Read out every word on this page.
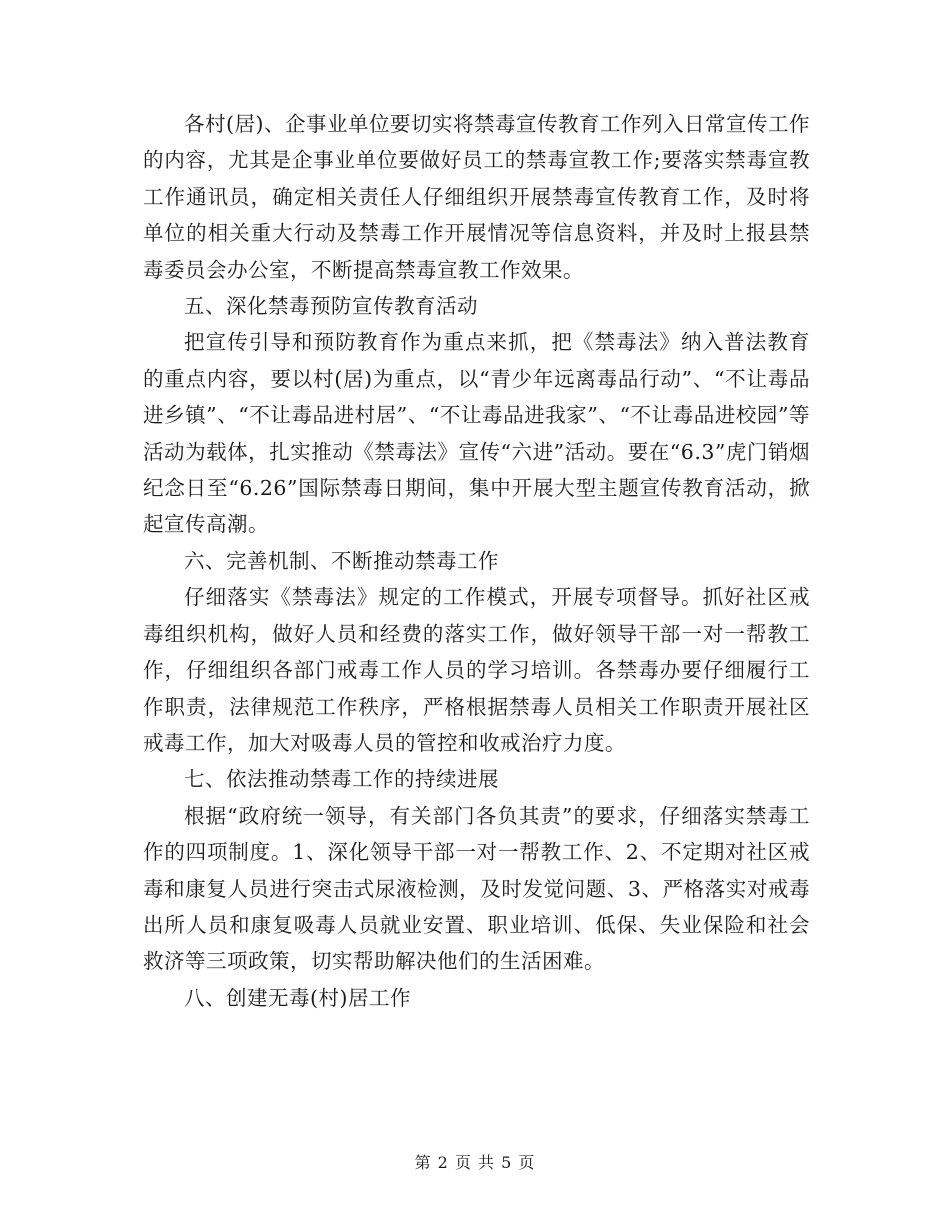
各村(居)、企事业单位要切实将禁毒宣传教育工作列入日常宣传工作的内容，尤其是企事业单位要做好员工的禁毒宣教工作;要落实禁毒宣教工作通讯员，确定相关责任人仔细组织开展禁毒宣传教育工作，及时将单位的相关重大行动及禁毒工作开展情况等信息资料，并及时上报县禁毒委员会办公室，不断提高禁毒宣教工作效果。

五、深化禁毒预防宣传教育活动

把宣传引导和预防教育作为重点来抓，把《禁毒法》纳入普法教育的重点内容，要以村(居)为重点，以“青少年远离毒品行动”、“不让毒品进乡镇”、“不让毒品进村居”、“不让毒品进我家”、“不让毒品进校园”等活动为载体，扎实推动《禁毒法》宣传“六进”活动。要在“6.3”虎门销烟纪念日至“6.26”国际禁毒日期间，集中开展大型主题宣传教育活动，掀起宣传高潮。

六、完善机制、不断推动禁毒工作

仔细落实《禁毒法》规定的工作模式，开展专项督导。抓好社区戒毒组织机构，做好人员和经费的落实工作，做好领导干部一对一帮教工作，仔细组织各部门戒毒工作人员的学习培训。各禁毒办要仔细履行工作职责，法律规范工作秩序，严格根据禁毒人员相关工作职责开展社区戒毒工作，加大对吸毒人员的管控和收戒治疗力度。

七、依法推动禁毒工作的持续进展

根据“政府统一领导，有关部门各负其责”的要求，仔细落实禁毒工作的四项制度。1、深化领导干部一对一帮教工作、2、不定期对社区戒毒和康复人员进行突击式尿液检测，及时发觉问题、3、严格落实对戒毒出所人员和康复吸毒人员就业安置、职业培训、低保、失业保险和社会救济等三项政策，切实帮助解决他们的生活困难。

八、创建无毒(村)居工作

第 2 页 共 5 页
